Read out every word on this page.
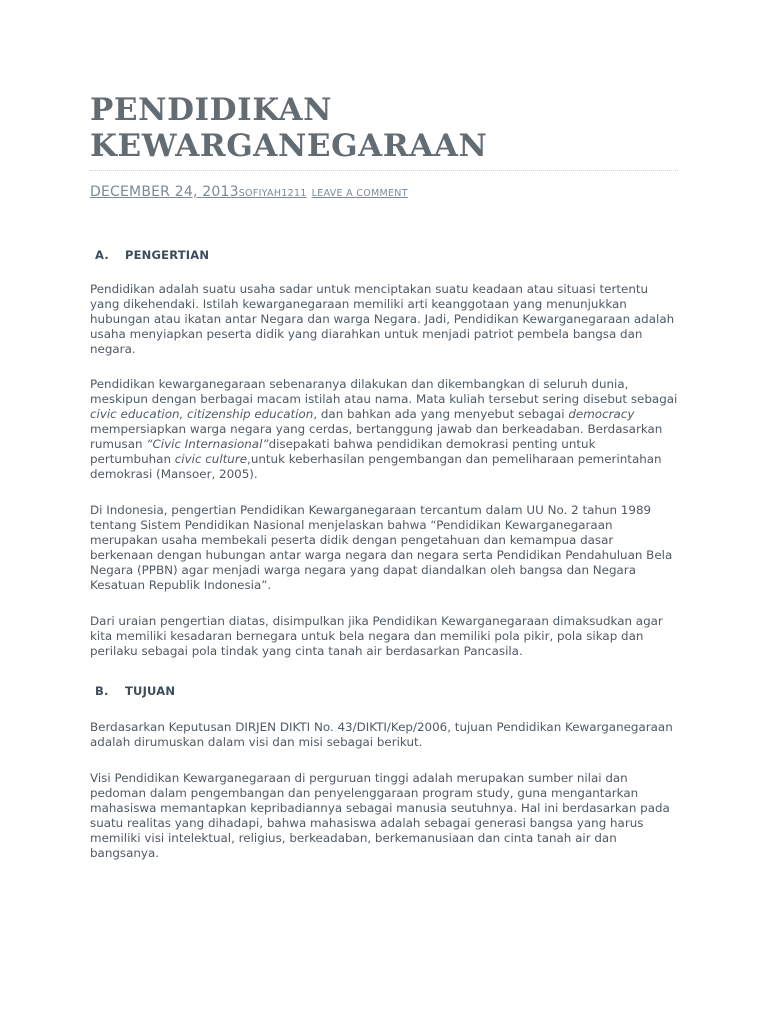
PENDIDIKAN KEWARGANEGARAAN
DECEMBER 24, 2013SOFIYAH1211 LEAVE A COMMENT
A. PENGERTIAN

Pendidikan adalah suatu usaha sadar untuk menciptakan suatu keadaan atau situasi tertentu yang dikehendaki. Istilah kewarganegaraan memiliki arti keanggotaan yang menunjukkan hubungan atau ikatan antar Negara dan warga Negara. Jadi, Pendidikan Kewarganegaraan adalah usaha menyiapkan peserta didik yang diarahkan untuk menjadi patriot pembela bangsa dan negara.

Pendidikan kewarganegaraan sebenaranya dilakukan dan dikembangkan di seluruh dunia, meskipun dengan berbagai macam istilah atau nama. Mata kuliah tersebut sering disebut sebagai civic education, citizenship education, dan bahkan ada yang menyebut sebagai democracy mempersiapkan warga negara yang cerdas, bertanggung jawab dan berkeadaban. Berdasarkan rumusan “Civic Internasional”disepakati bahwa pendidikan demokrasi penting untuk pertumbuhan civic culture,untuk keberhasilan pengembangan dan pemeliharaan pemerintahan demokrasi (Mansoer, 2005).

Di Indonesia, pengertian Pendidikan Kewarganegaraan tercantum dalam UU No. 2 tahun 1989 tentang Sistem Pendidikan Nasional menjelaskan bahwa “Pendidikan Kewarganegaraan merupakan usaha membekali peserta didik dengan pengetahuan dan kemampua dasar berkenaan dengan hubungan antar warga negara dan negara serta Pendidikan Pendahuluan Bela Negara (PPBN) agar menjadi warga negara yang dapat diandalkan oleh bangsa dan Negara Kesatuan Republik Indonesia”.

Dari uraian pengertian diatas, disimpulkan jika Pendidikan Kewarganegaraan dimaksudkan agar kita memiliki kesadaran bernegara untuk bela negara dan memiliki pola pikir, pola sikap dan perilaku sebagai pola tindak yang cinta tanah air berdasarkan Pancasila.

B. TUJUAN

Berdasarkan Keputusan DIRJEN DIKTI No. 43/DIKTI/Kep/2006, tujuan Pendidikan Kewarganegaraan adalah dirumuskan dalam visi dan misi sebagai berikut.

Visi Pendidikan Kewarganegaraan di perguruan tinggi adalah merupakan sumber nilai dan pedoman dalam pengembangan dan penyelenggaraan program study, guna mengantarkan mahasiswa memantapkan kepribadiannya sebagai manusia seutuhnya. Hal ini berdasarkan pada suatu realitas yang dihadapi, bahwa mahasiswa adalah sebagai generasi bangsa yang harus memiliki visi intelektual, religius, berkeadaban, berkemanusiaan dan cinta tanah air dan bangsanya.
